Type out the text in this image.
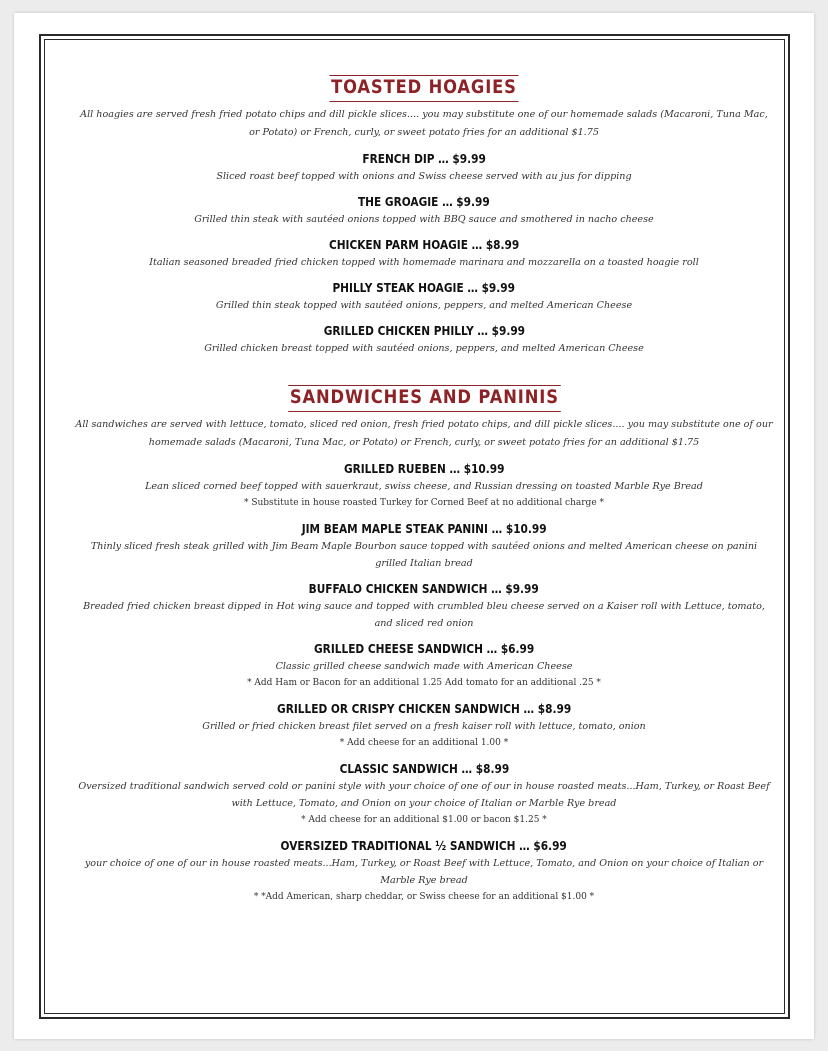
TOASTED HOAGIES
All hoagies are served fresh fried potato chips and dill pickle slices.... you may substitute one of our homemade salads (Macaroni, Tuna Mac, or Potato) or French, curly, or sweet potato fries for an additional $1.75
FRENCH DIP … $9.99
Sliced roast beef topped with onions and Swiss cheese served with au jus for dipping
THE GROAGIE … $9.99
Grilled thin steak with sautéed onions topped with BBQ sauce and smothered in nacho cheese
CHICKEN PARM HOAGIE … $8.99
Italian seasoned breaded fried chicken topped with homemade marinara and mozzarella on a toasted hoagie roll
PHILLY STEAK HOAGIE … $9.99
Grilled thin steak topped with sautéed onions, peppers, and melted American Cheese
GRILLED CHICKEN PHILLY … $9.99
Grilled chicken breast topped with sautéed onions, peppers, and melted American Cheese
SANDWICHES AND PANINIS
All sandwiches are served with lettuce, tomato, sliced red onion, fresh fried potato chips, and dill pickle slices.... you may substitute one of our homemade salads (Macaroni, Tuna Mac, or Potato) or French, curly, or sweet potato fries for an additional $1.75
GRILLED RUEBEN … $10.99
Lean sliced corned beef topped with sauerkraut, swiss cheese, and Russian dressing on toasted Marble Rye Bread
* Substitute in house roasted Turkey for Corned Beef at no additional charge *
JIM BEAM MAPLE STEAK PANINI … $10.99
Thinly sliced fresh steak grilled with Jim Beam Maple Bourbon sauce topped with sautéed onions and melted American cheese on panini grilled Italian bread
BUFFALO CHICKEN SANDWICH … $9.99
Breaded fried chicken breast dipped in Hot wing sauce and topped with crumbled bleu cheese served on a Kaiser roll with Lettuce, tomato, and sliced red onion
GRILLED CHEESE SANDWICH … $6.99
Classic grilled cheese sandwich made with American Cheese
* Add Ham or Bacon for an additional 1.25 Add tomato for an additional .25 *
GRILLED OR CRISPY CHICKEN SANDWICH … $8.99
Grilled or fried chicken breast filet served on a fresh kaiser roll with lettuce, tomato, onion
* Add cheese for an additional 1.00 *
CLASSIC SANDWICH … $8.99
Oversized traditional sandwich served cold or panini style with your choice of one of our in house roasted meats...Ham, Turkey, or Roast Beef with Lettuce, Tomato, and Onion on your choice of Italian or Marble Rye bread
* Add cheese for an additional $1.00 or bacon $1.25 *
OVERSIZED TRADITIONAL ½ SANDWICH … $6.99
your choice of one of our in house roasted meats...Ham, Turkey, or Roast Beef with Lettuce, Tomato, and Onion on your choice of Italian or Marble Rye bread
* *Add American, sharp cheddar, or Swiss cheese for an additional $1.00 *
